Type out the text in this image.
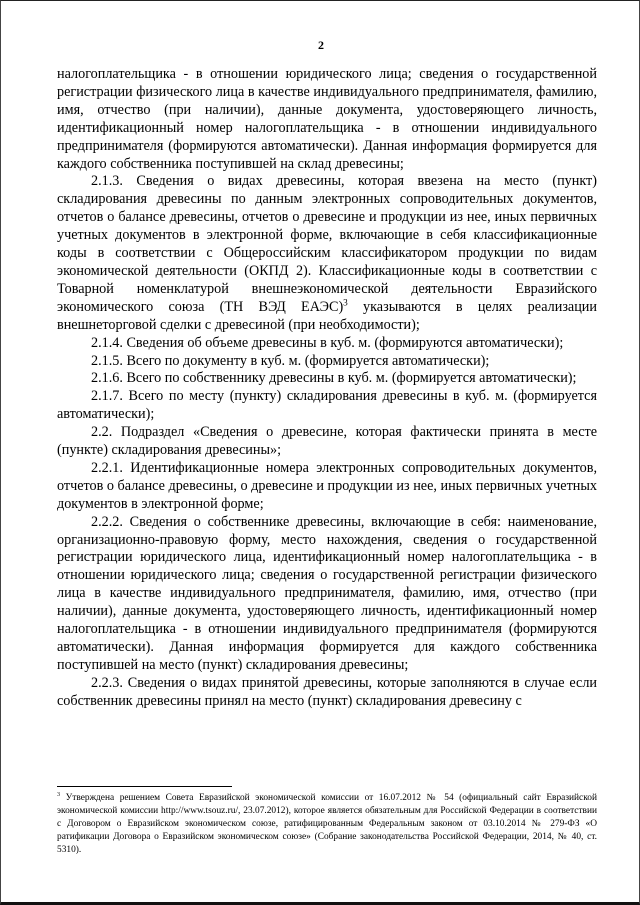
2

налогоплательщика - в отношении юридического лица; сведения о государственной регистрации физического лица в качестве индивидуального предпринимателя, фамилию, имя, отчество (при наличии), данные документа, удостоверяющего личность, идентификационный номер налогоплательщика - в отношении индивидуального предпринимателя (формируются автоматически). Данная информация формируется для каждого собственника поступившей на склад древесины;

2.1.3. Сведения о видах древесины, которая ввезена на место (пункт) складирования древесины по данным электронных сопроводительных документов, отчетов о балансе древесины, отчетов о древесине и продукции из нее, иных первичных учетных документов в электронной форме, включающие в себя классификационные коды в соответствии с Общероссийским классификатором продукции по видам экономической деятельности (ОКПД 2). Классификационные коды в соответствии с Товарной номенклатурой внешнеэкономической деятельности Евразийского экономического союза (ТН ВЭД ЕАЭС)$^3$ указываются в целях реализации внешнеторговой сделки с древесиной (при необходимости);

2.1.4. Сведения об объеме древесины в куб. м. (формируются автоматически);

2.1.5. Всего по документу в куб. м. (формируется автоматически);

2.1.6. Всего по собственнику древесины в куб. м. (формируется автоматически);

2.1.7. Всего по месту (пункту) складирования древесины в куб. м. (формируется автоматически);

2.2. Подраздел «Сведения о древесине, которая фактически принята в месте (пункте) складирования древесины»;

2.2.1. Идентификационные номера электронных сопроводительных документов, отчетов о балансе древесины, о древесине и продукции из нее, иных первичных учетных документов в электронной форме;

2.2.2. Сведения о собственнике древесины, включающие в себя: наименование, организационно-правовую форму, место нахождения, сведения о государственной регистрации юридического лица, идентификационный номер налогоплательщика - в отношении юридического лица; сведения о государственной регистрации физического лица в качестве индивидуального предпринимателя, фамилию, имя, отчество (при наличии), данные документа, удостоверяющего личность, идентификационный номер налогоплательщика - в отношении индивидуального предпринимателя (формируются автоматически). Данная информация формируется для каждого собственника поступившей на место (пункт) складирования древесины;

2.2.3. Сведения о видах принятой древесины, которые заполняются в случае если собственник древесины принял на место (пункт) складирования древесину с

$^3$ Утверждена решением Совета Евразийской экономической комиссии от 16.07.2012 № 54 (официальный сайт Евразийской экономической комиссии http://www.tsouz.ru/, 23.07.2012), которое является обязательным для Российской Федерации в соответствии с Договором о Евразийском экономическом союзе, ратифицированным Федеральным законом от 03.10.2014 № 279-ФЗ «О ратификации Договора о Евразийском экономическом союзе» (Собрание законодательства Российской Федерации, 2014, № 40, ст. 5310).
